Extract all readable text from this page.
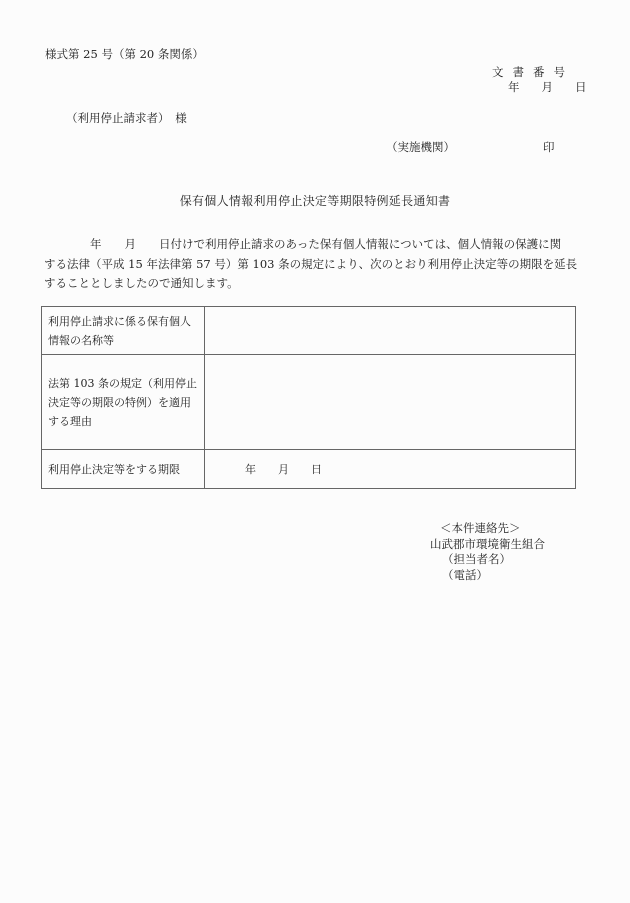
様式第 25 号（第 20 条関係）
文書番号
年 月 日
（利用停止請求者）　様
（実施機関）	印
保有個人情報利用停止決定等期限特例延長通知書
　　　　年　　月　　日付けで利用停止請求のあった保有個人情報については、個人情報の保護に関
する法律（平成 15 年法律第 57 号）第 103 条の規定により、次のとおり利用停止決定等の期限を延長
することとしましたので通知します。
利用停止請求に係る保有個人情報の名称等	
法第 103 条の規定（利用停止決定等の期限の特例）を適用する理由	
利用停止決定等をする期限	年 月 日
＜本件連絡先＞
山武郡市環境衛生組合
（担当者名）
（電話）
